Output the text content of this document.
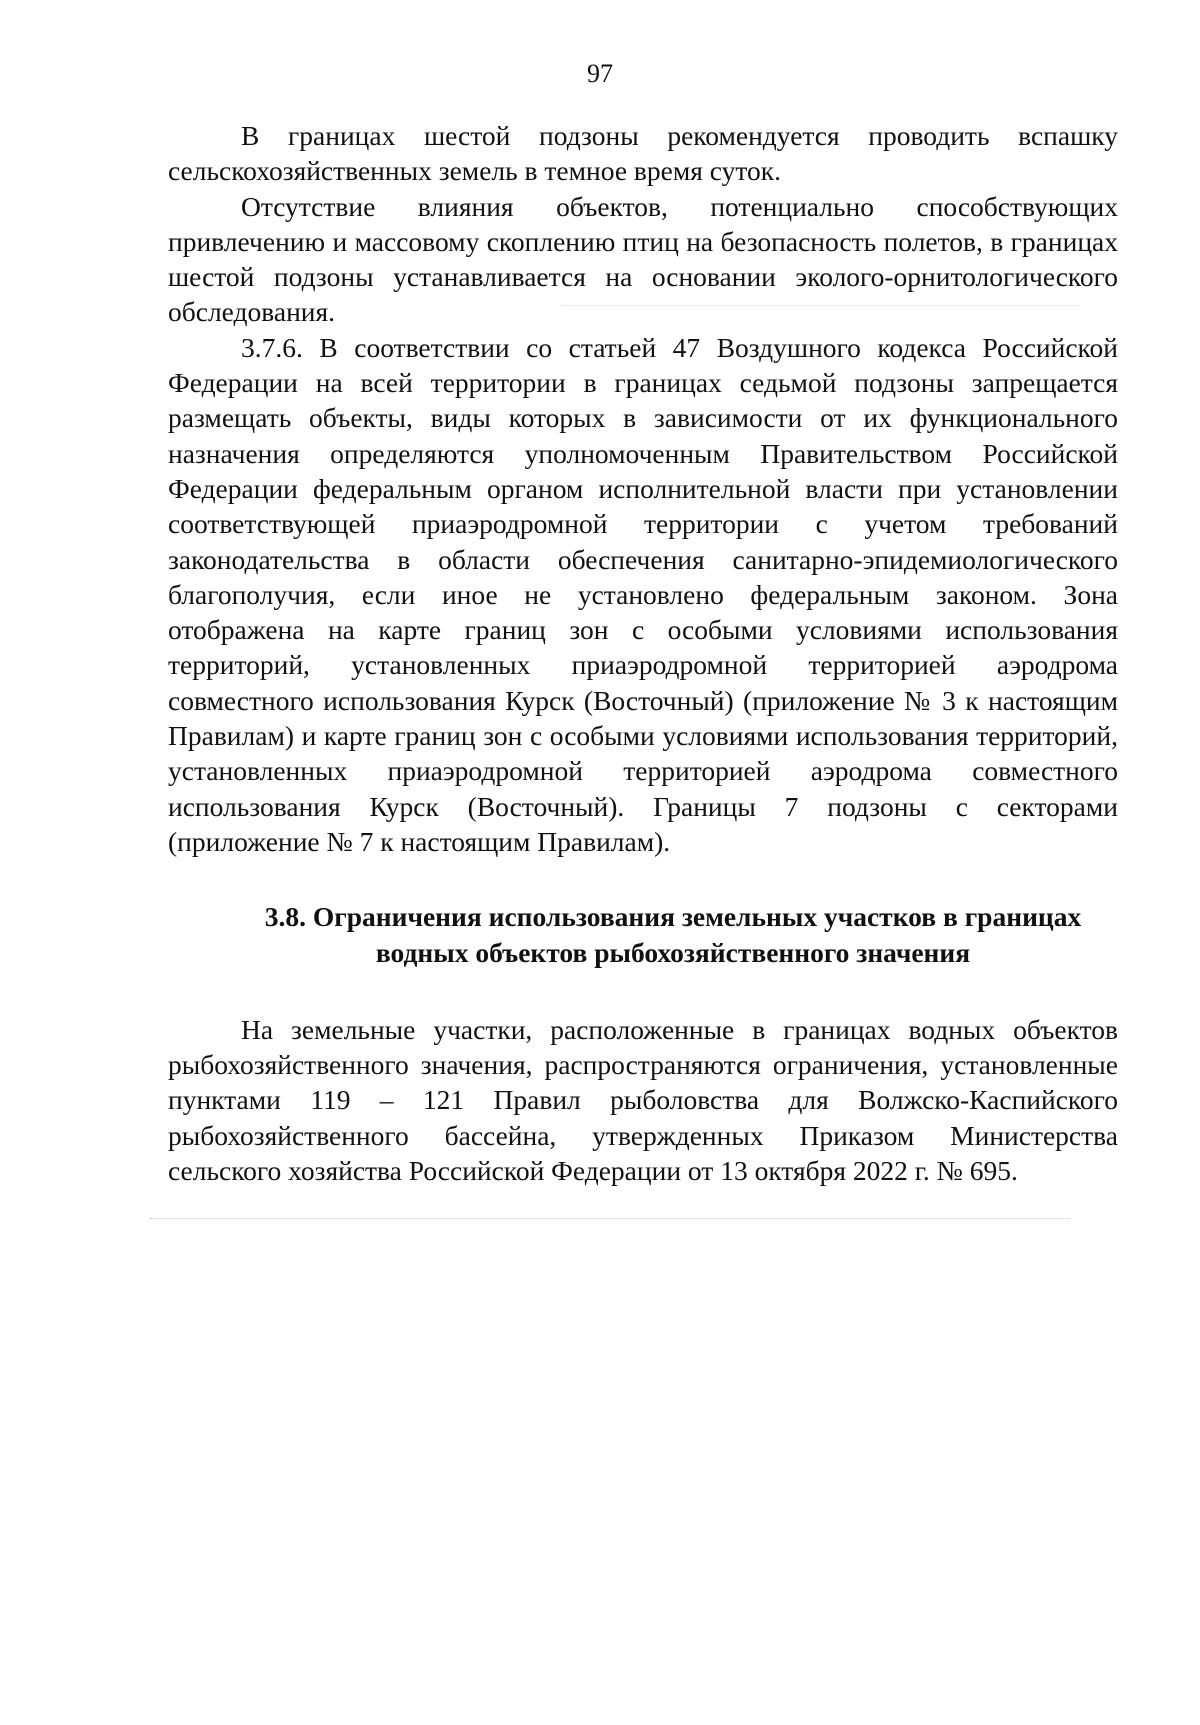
97

В границах шестой подзоны рекомендуется проводить вспашку сельскохозяйственных земель в темное время суток.

Отсутствие влияния объектов, потенциально способствующих привлечению и массовому скоплению птиц на безопасность полетов, в границах шестой подзоны устанавливается на основании эколого-орнитологического обследования.

3.7.6. В соответствии со статьей 47 Воздушного кодекса Российской Федерации на всей территории в границах седьмой подзоны запрещается размещать объекты, виды которых в зависимости от их функционального назначения определяются уполномоченным Правительством Российской Федерации федеральным органом исполнительной власти при установлении соответствующей приаэродромной территории с учетом требований законодательства в области обеспечения санитарно-эпидемиологического благополучия, если иное не установлено федеральным законом. Зона отображена на карте границ зон с особыми условиями использования территорий, установленных приаэродромной территорией аэродрома совместного использования Курск (Восточный) (приложение № 3 к настоящим Правилам) и карте границ зон с особыми условиями использования территорий, установленных приаэродромной территорией аэродрома совместного использования Курск (Восточный). Границы 7 подзоны с секторами (приложение № 7 к настоящим Правилам).

3.8. Ограничения использования земельных участков в границах
водных объектов рыбохозяйственного значения

На земельные участки, расположенные в границах водных объектов рыбохозяйственного значения, распространяются ограничения, установленные пунктами 119 – 121 Правил рыболовства для Волжско-Каспийского рыбохозяйственного бассейна, утвержденных Приказом Министерства сельского хозяйства Российской Федерации от 13 октября 2022 г. № 695.
